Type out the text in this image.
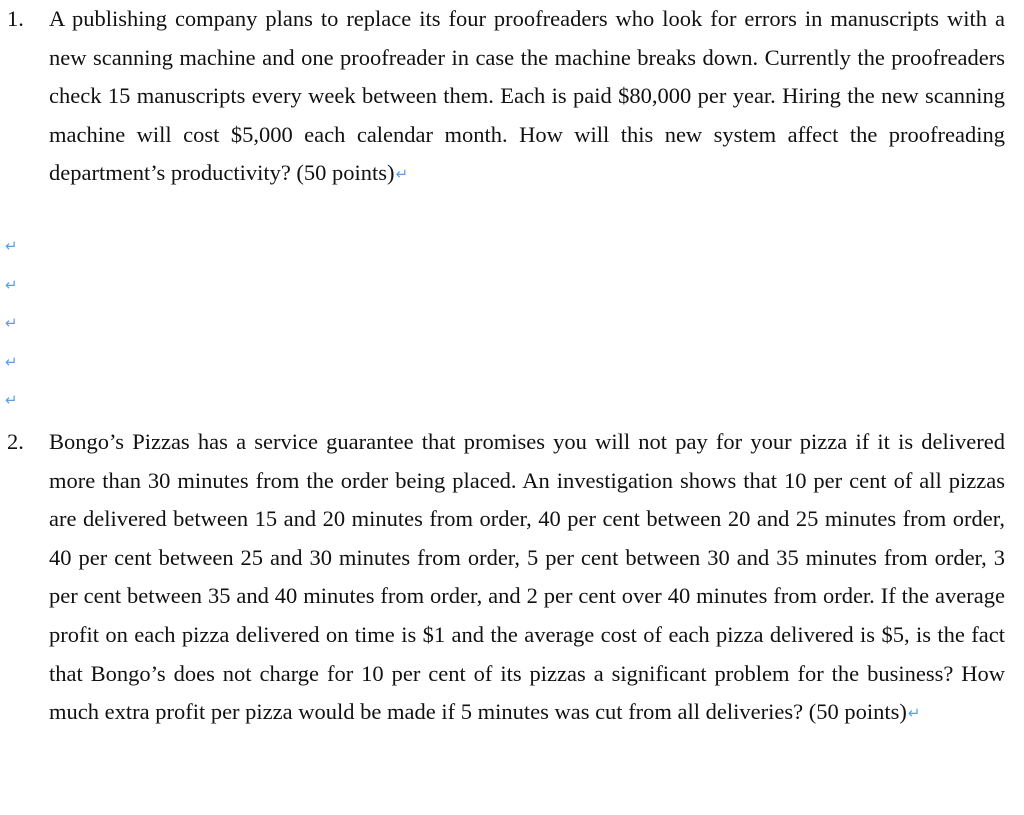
1. A publishing company plans to replace its four proofreaders who look for errors in manuscripts with a new scanning machine and one proofreader in case the machine breaks down. Currently the proofreaders check 15 manuscripts every week between them. Each is paid $80,000 per year. Hiring the new scanning machine will cost $5,000 each calendar month. How will this new system affect the proofreading department’s productivity? (50 points)↵
↵
↵
↵
↵
↵
2. Bongo’s Pizzas has a service guarantee that promises you will not pay for your pizza if it is delivered more than 30 minutes from the order being placed. An investigation shows that 10 per cent of all pizzas are delivered between 15 and 20 minutes from order, 40 per cent between 20 and 25 minutes from order, 40 per cent between 25 and 30 minutes from order, 5 per cent between 30 and 35 minutes from order, 3 per cent between 35 and 40 minutes from order, and 2 per cent over 40 minutes from order. If the average profit on each pizza delivered on time is $1 and the average cost of each pizza delivered is $5, is the fact that Bongo’s does not charge for 10 per cent of its pizzas a significant problem for the business? How much extra profit per pizza would be made if 5 minutes was cut from all deliveries? (50 points)↵
